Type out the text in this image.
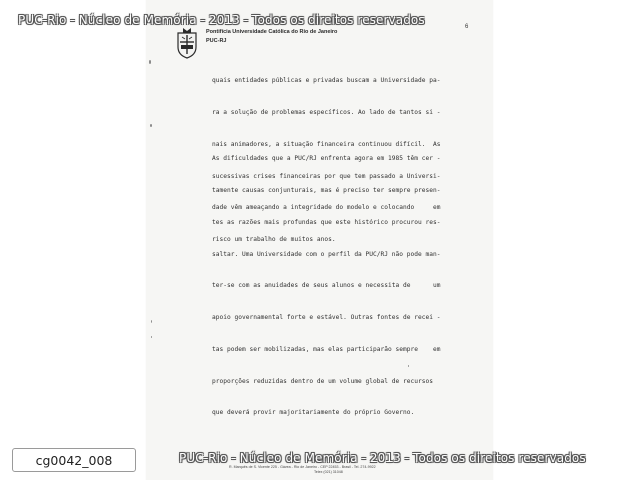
Pontifícia Universidade Católica do Rio de Janeiro
PUC-RJ
6

quais entidades públicas e privadas buscam a Universidade pa-

ra a solução de problemas específicos. Ao lado de tantos si -

nais animadores, a situação financeira continuou difícil.  As

sucessivas crises financeiras por que tem passado a Universi-

dade vêm ameaçando a integridade do modelo e colocando     em

risco um trabalho de muitos anos.

As dificuldades que a PUC/RJ enfrenta agora em 1985 têm cer -

tamente causas conjunturais, mas é preciso ter sempre presen-

tes as razões mais profundas que este histórico procurou res-

saltar. Uma Universidade com o perfil da PUC/RJ não pode man-

ter-se com as anuidades de seus alunos e necessita de      um

apoio governamental forte e estável. Outras fontes de recei -

tas podem ser mobilizadas, mas elas participarão sempre    em

proporções reduzidas dentro de um volume global de recursos

que deverá provir majoritariamente do próprio Governo.

R. Marquês de S. Vicente 225 - Gávea - Rio de Janeiro - CEP 22453 - Brasil - Tel. 274-9922
Telex (021) 31048
PUC-Rio - Núcleo de Memória - 2013 - Todos os direitos reservados
PUC-Rio - Núcleo de Memória - 2013 - Todos os direitos reservados
cg0042_008
